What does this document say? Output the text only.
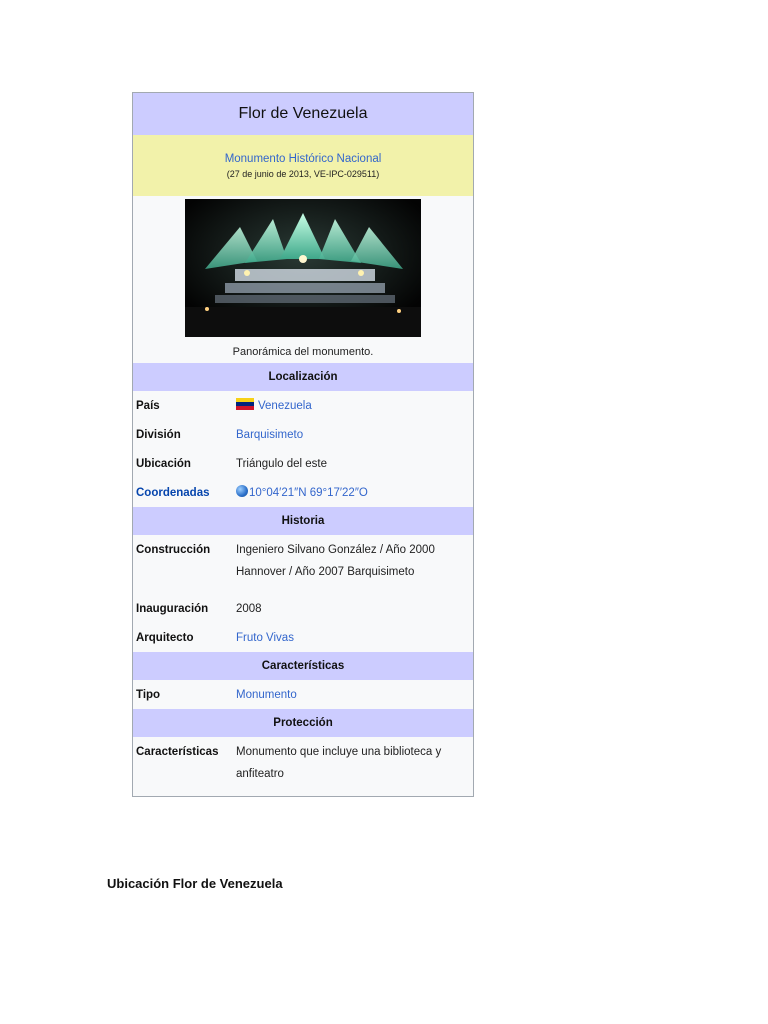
Flor de Venezuela
Monumento Histórico Nacional
(27 de junio de 2013, VE-IPC-029511)
Panorámica del monumento.
Localización
País	Venezuela
División	Barquisimeto
Ubicación	Triángulo del este
Coordenadas	10°04′21″N 69°17′22″O
Historia
Construcción	Ingeniero Silvano González / Año 2000 Hannover / Año 2007 Barquisimeto
Inauguración	2008
Arquitecto	Fruto Vivas
Características
Tipo	Monumento
Protección
Características	Monumento que incluye una biblioteca y anfiteatro
Ubicación Flor de Venezuela
